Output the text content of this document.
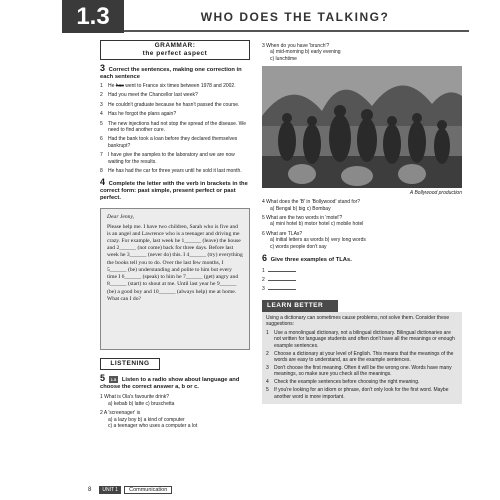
1.3	WHO DOES THE TALKING?
GRAMMAR:
the perfect aspect
3 Correct the sentences, making one correction in each sentence
1	He has went to France six times between 1978 and 2002.
2	Had you meet the Chancellor last week?
3	He couldn't graduate because he hasn't passed the course.
4	Has he forgot the plans again?
5	The new injections had not stop the spread of the disease. We need to find another cure.
6	Had the bank took a loan before they declared themselves bankrupt?
7	I have give the samples to the laboratory and we are now waiting for the results.
8	He has had the car for three years until he sold it last month.
4 Complete the letter with the verb in brackets in the correct form: past simple, present perfect or past perfect.
Dear Jenny,
Please help me. I have two children, Sarah who is five and is an angel and Lawrence who is a teenager and driving me crazy. For example, last week he 1______ (leave) the house and 2______ (not come) back for three days. Before last week he 3______ (never do) this. I 4______ (try) everything the books tell you to do. Over the last few months, I 5______ (be) understanding and polite to him but every time I 6______ (speak) to him he 7______ (get) angry and 8______ (start) to shout at me. Until last year he 9______ (be) a good boy and 10______ (always help) me at home. What can I do?
LISTENING
5 1.5 Listen to a radio show about language and choose the correct answer a, b or c.
1 What is Ola's favourite drink?
a) kebab b) latte c) bruschetta
2 A 'screenager' is
a) a lazy boy b) a kind of computer
c) a teenager who uses a computer a lot
3 When do you have 'brunch'?
a) mid-morning b) early evening
c) lunchtime
A Bollywood production
4 What does the 'B' in 'Bollywood' stand for?
a) Bengal b) big c) Bombay
5 What are the two words in 'motel'?
a) mini hotel b) motor hotel c) mobile hotel
6 What are TLAs?
a) initial letters as words b) very long words
c) words people don't say
6 Give three examples of TLAs.
1
2
3
LEARN BETTER
Using a dictionary can sometimes cause problems, not solve them. Consider these suggestions:
1	Use a monolingual dictionary, not a bilingual dictionary. Bilingual dictionaries are not written for language students and often don't have all the meanings or enough example sentences.
2	Choose a dictionary at your level of English. This means that the meanings of the words are easy to understand, as are the example sentences.
3	Don't choose the first meaning. Often it will be the wrong one. Words have many meanings, so make sure you check all the meanings.
4	Check the example sentences before choosing the right meaning.
5	If you're looking for an idiom or phrase, don't only look for the first word. Maybe another word is more important.
8	UNIT 1	Communication
